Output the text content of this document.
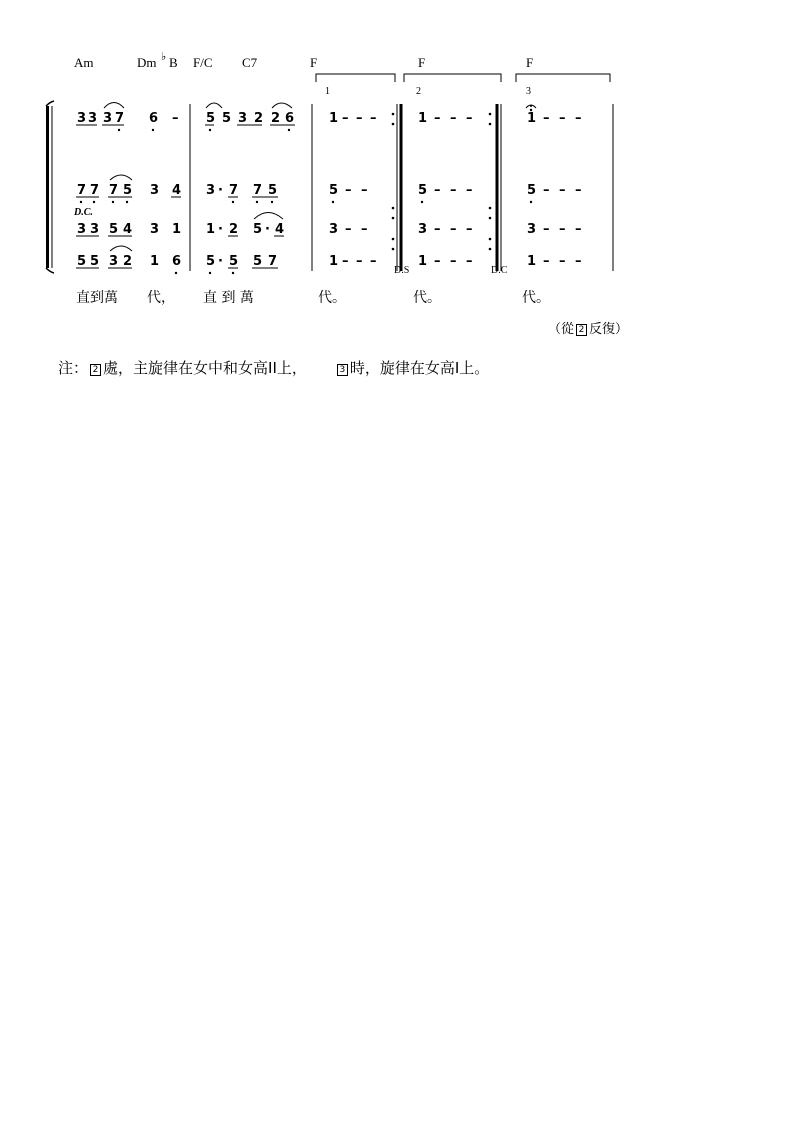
Am	Dm ♭ B F/C C7	F	F	F
1	2	3
3 3 3 7 6 – 5 5 3 2 2 6	1 – – –	1 – – –	1 – – –
7 7 7 5 3 4 3 · 7 7 5	5 – –	5 – – –	5 – – –
D.C.
3 3 5 4 3 1 1 · 2 5 · 4	3 – –	3 – – –	3 – – –
5 5 3 2 1 6 5 · 5 5 7	1 – – –	1 – – –	1 – – –
D.S	D.C
直到萬 代， 直 到 萬	代。	代。	代。
（從 2 反復）
注： 2 處，主旋律在女中和女高II上，	3 時，旋律在女高I上。
